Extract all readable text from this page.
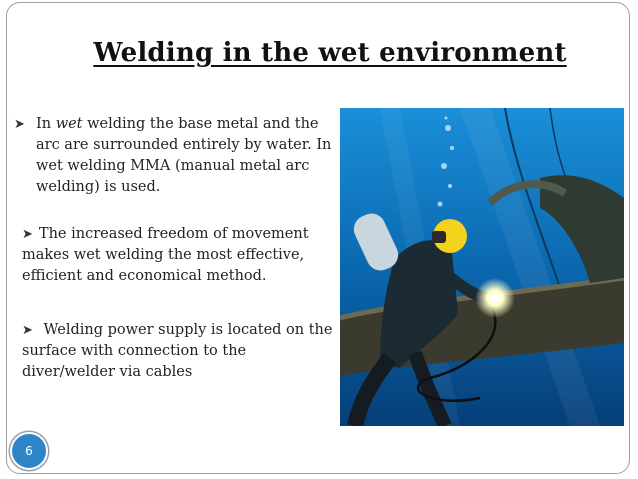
Welding in the wet environment

➤ In wet welding the base metal and the arc are surrounded entirely by water. In wet welding MMA (manual metal arc welding) is used.

➤ The increased freedom of movement makes wet welding the most effective, efficient and economical method.

➤ Welding power supply is located on the surface with connection to the diver/welder via cables

6
